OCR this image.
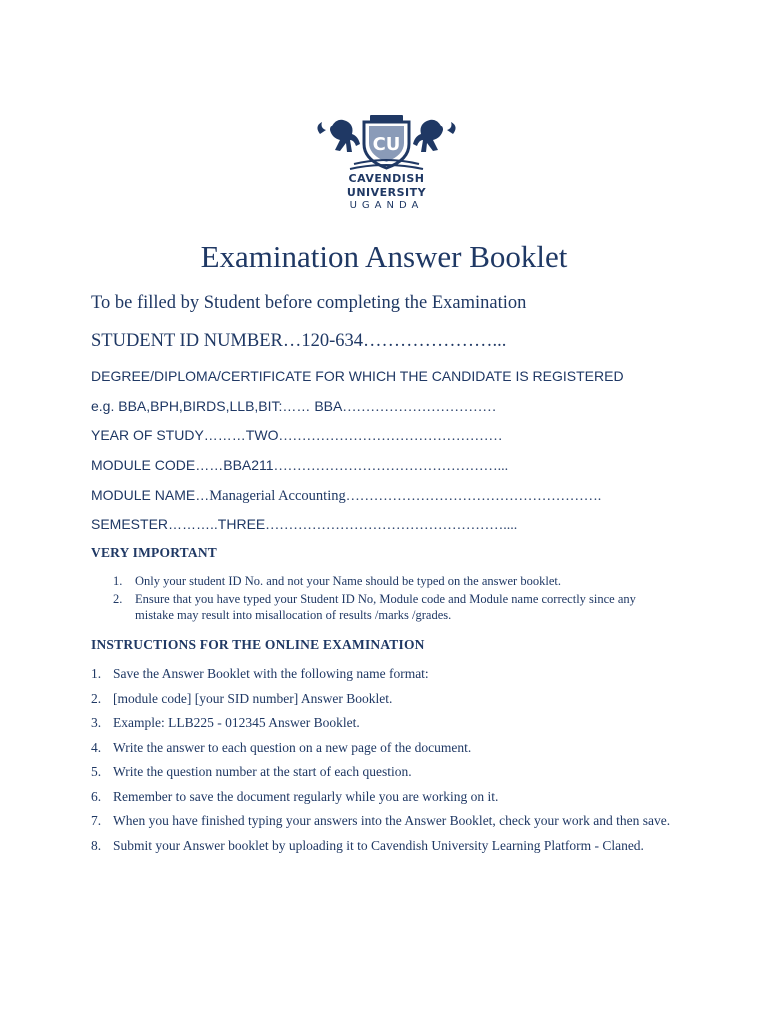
CU
CAVENDISH
UNIVERSITY
UGANDA
Examination Answer Booklet
To be filled by Student before completing the Examination
STUDENT ID NUMBER…120-634…………………...
DEGREE/DIPLOMA/CERTIFICATE FOR WHICH THE CANDIDATE IS REGISTERED
e.g. BBA,BPH,BIRDS,LLB,BIT:…… BBA……………………………
YEAR OF STUDY………TWO…………………………………………
MODULE CODE……BBA211…………………………………………...
MODULE NAME…Managerial Accounting……………………………………………….
SEMESTER………..THREE……………………………………………....
VERY IMPORTANT
1. Only your student ID No. and not your Name should be typed on the answer booklet.
2. Ensure that you have typed your Student ID No, Module code and Module name correctly since any mistake may result into misallocation of results /marks /grades.
INSTRUCTIONS FOR THE ONLINE EXAMINATION
1. Save the Answer Booklet with the following name format:
2. [module code] [your SID number] Answer Booklet.
3. Example: LLB225 - 012345 Answer Booklet.
4. Write the answer to each question on a new page of the document.
5. Write the question number at the start of each question.
6. Remember to save the document regularly while you are working on it.
7. When you have finished typing your answers into the Answer Booklet, check your work and then save.
8. Submit your Answer booklet by uploading it to Cavendish University Learning Platform - Claned.
